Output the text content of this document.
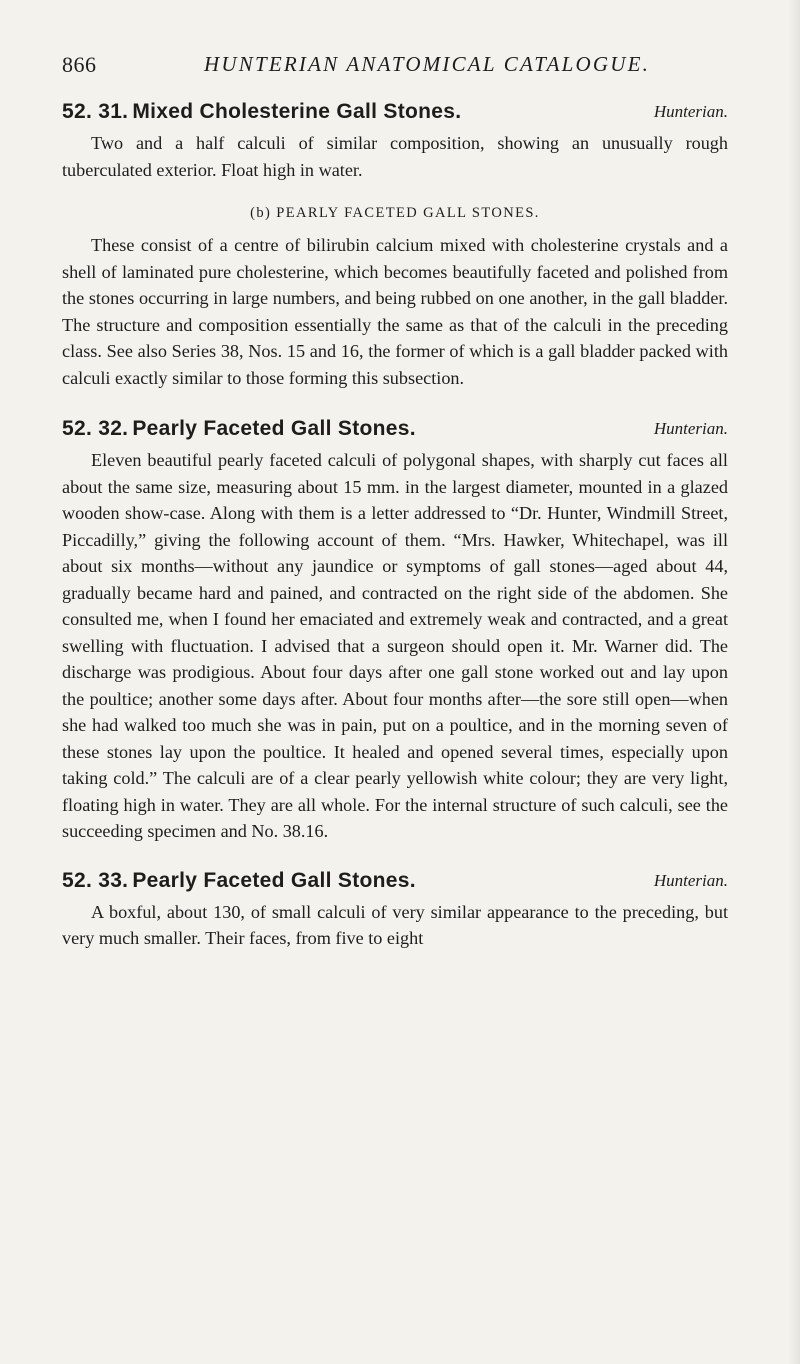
866	HUNTERIAN ANATOMICAL CATALOGUE.
52. 31. Mixed Cholesterine Gall Stones.	Hunterian.

Two and a half calculi of similar composition, showing an unusually rough tuberculated exterior. Float high in water.

(b) PEARLY FACETED GALL STONES.

These consist of a centre of bilirubin calcium mixed with cholesterine crystals and a shell of laminated pure cholesterine, which becomes beautifully faceted and polished from the stones occurring in large numbers, and being rubbed on one another, in the gall bladder. The structure and composition essentially the same as that of the calculi in the preceding class. See also Series 38, Nos. 15 and 16, the former of which is a gall bladder packed with calculi exactly similar to those forming this subsection.

52. 32. Pearly Faceted Gall Stones.	Hunterian.

Eleven beautiful pearly faceted calculi of polygonal shapes, with sharply cut faces all about the same size, measuring about 15 mm. in the largest diameter, mounted in a glazed wooden show-case. Along with them is a letter addressed to “Dr. Hunter, Windmill Street, Piccadilly,” giving the following account of them. “Mrs. Hawker, Whitechapel, was ill about six months—without any jaundice or symptoms of gall stones—aged about 44, gradually became hard and pained, and contracted on the right side of the abdomen. She consulted me, when I found her emaciated and extremely weak and contracted, and a great swelling with fluctuation. I advised that a surgeon should open it. Mr. Warner did. The discharge was prodigious. About four days after one gall stone worked out and lay upon the poultice; another some days after. About four months after—the sore still open—when she had walked too much she was in pain, put on a poultice, and in the morning seven of these stones lay upon the poultice. It healed and opened several times, especially upon taking cold.” The calculi are of a clear pearly yellowish white colour; they are very light, floating high in water. They are all whole. For the internal structure of such calculi, see the succeeding specimen and No. 38.16.

52. 33. Pearly Faceted Gall Stones.	Hunterian.

A boxful, about 130, of small calculi of very similar appearance to the preceding, but very much smaller. Their faces, from five to eight
